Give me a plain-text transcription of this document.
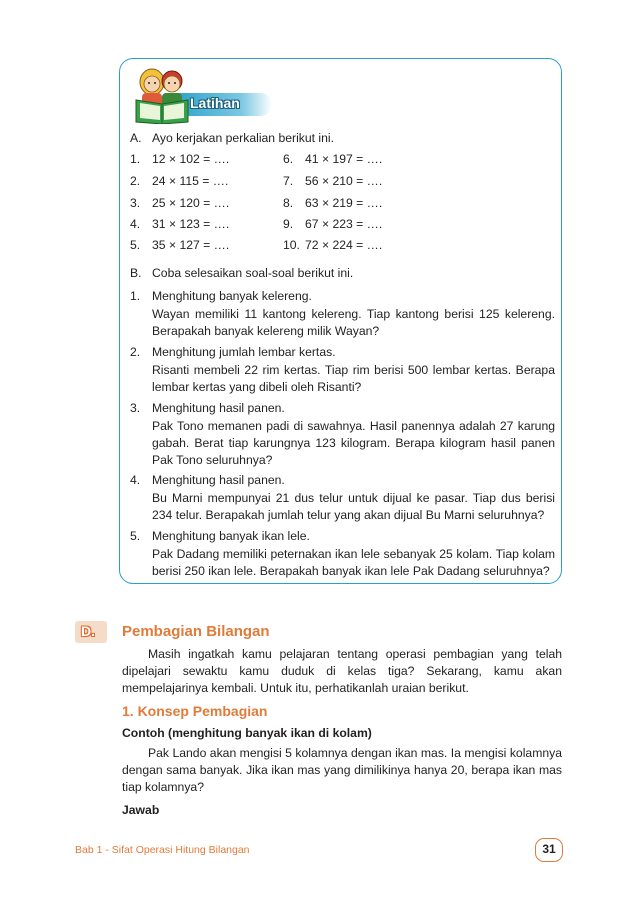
Latihan
A. Ayo kerjakan perkalian berikut ini.
1. 12 × 102 = ….
2. 24 × 115 = ….
3. 25 × 120 = ….
4. 31 × 123 = ….
5. 35 × 127 = ….
6. 41 × 197 = ….
7. 56 × 210 = ….
8. 63 × 219 = ….
9. 67 × 223 = ….
10. 72 × 224 = ….
B. Coba selesaikan soal-soal berikut ini.
1. Menghitung banyak kelereng.
Wayan memiliki 11 kantong kelereng. Tiap kantong berisi 125 kelereng. Berapakah banyak kelereng milik Wayan?
2. Menghitung jumlah lembar kertas.
Risanti membeli 22 rim kertas. Tiap rim berisi 500 lembar kertas. Berapa lembar kertas yang dibeli oleh Risanti?
3. Menghitung hasil panen.
Pak Tono memanen padi di sawahnya. Hasil panennya adalah 27 karung gabah. Berat tiap karungnya 123 kilogram. Berapa kilogram hasil panen Pak Tono seluruhnya?
4. Menghitung hasil panen.
Bu Marni mempunyai 21 dus telur untuk dijual ke pasar. Tiap dus berisi 234 telur. Berapakah jumlah telur yang akan dijual Bu Marni seluruhnya?
5. Menghitung banyak ikan lele.
Pak Dadang memiliki peternakan ikan lele sebanyak 25 kolam. Tiap kolam berisi 250 ikan lele. Berapakah banyak ikan lele Pak Dadang seluruhnya?
D. Pembagian Bilangan
Masih ingatkah kamu pelajaran tentang operasi pembagian yang telah dipelajari sewaktu kamu duduk di kelas tiga? Sekarang, kamu akan mempelajarinya kembali. Untuk itu, perhatikanlah uraian berikut.
1. Konsep Pembagian
Contoh (menghitung banyak ikan di kolam)
Pak Lando akan mengisi 5 kolamnya dengan ikan mas. Ia mengisi kolamnya dengan sama banyak. Jika ikan mas yang dimilikinya hanya 20, berapa ikan mas tiap kolamnya?
Jawab
Bab 1 - Sifat Operasi Hitung Bilangan	31
